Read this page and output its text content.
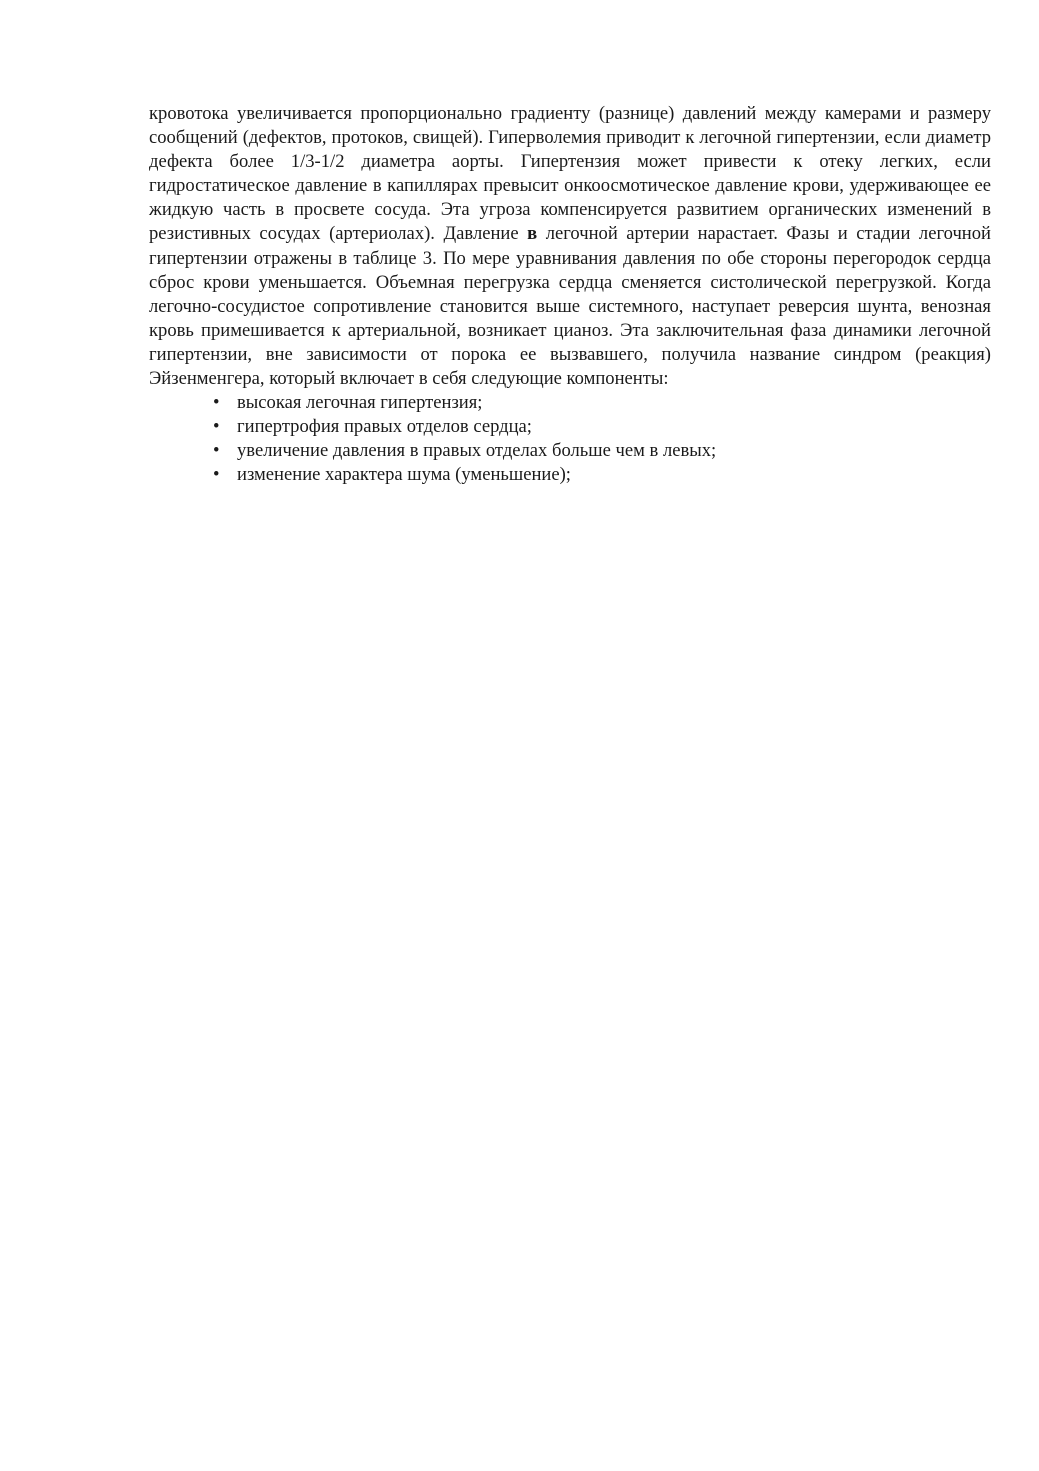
кровотока увеличивается пропорционально градиенту (разнице) давлений между камерами и размеру сообщений (дефектов, протоков, свищей). Гиперволемия приводит к легочной гипертензии, если диаметр дефекта более 1/3-1/2 диаметра аорты. Гипертензия может привести к отеку легких, если гидростатическое давление в капиллярах превысит онкоосмотическое давление крови, удерживающее ее жидкую часть в просвете сосуда. Эта угроза компенсируется развитием органических изменений в резистивных сосудах (артериолах). Давление в легочной артерии нарастает. Фазы и стадии легочной гипертензии отражены в таблице 3. По мере уравнивания давления по обе стороны перегородок сердца сброс крови уменьшается. Объемная перегрузка сердца сменяется систолической перегрузкой. Когда легочно-сосудистое сопротивление становится выше системного, наступает реверсия шунта, венозная кровь примешивается к артериальной, возникает цианоз. Эта заключительная фаза динамики легочной гипертензии, вне зависимости от порока ее вызвавшего, получила название синдром (реакция) Эйзенменгера, который включает в себя следующие компоненты:

• высокая легочная гипертензия;
• гипертрофия правых отделов сердца;
• увеличение давления в правых отделах больше чем в левых;
• изменение характера шума (уменьшение);
